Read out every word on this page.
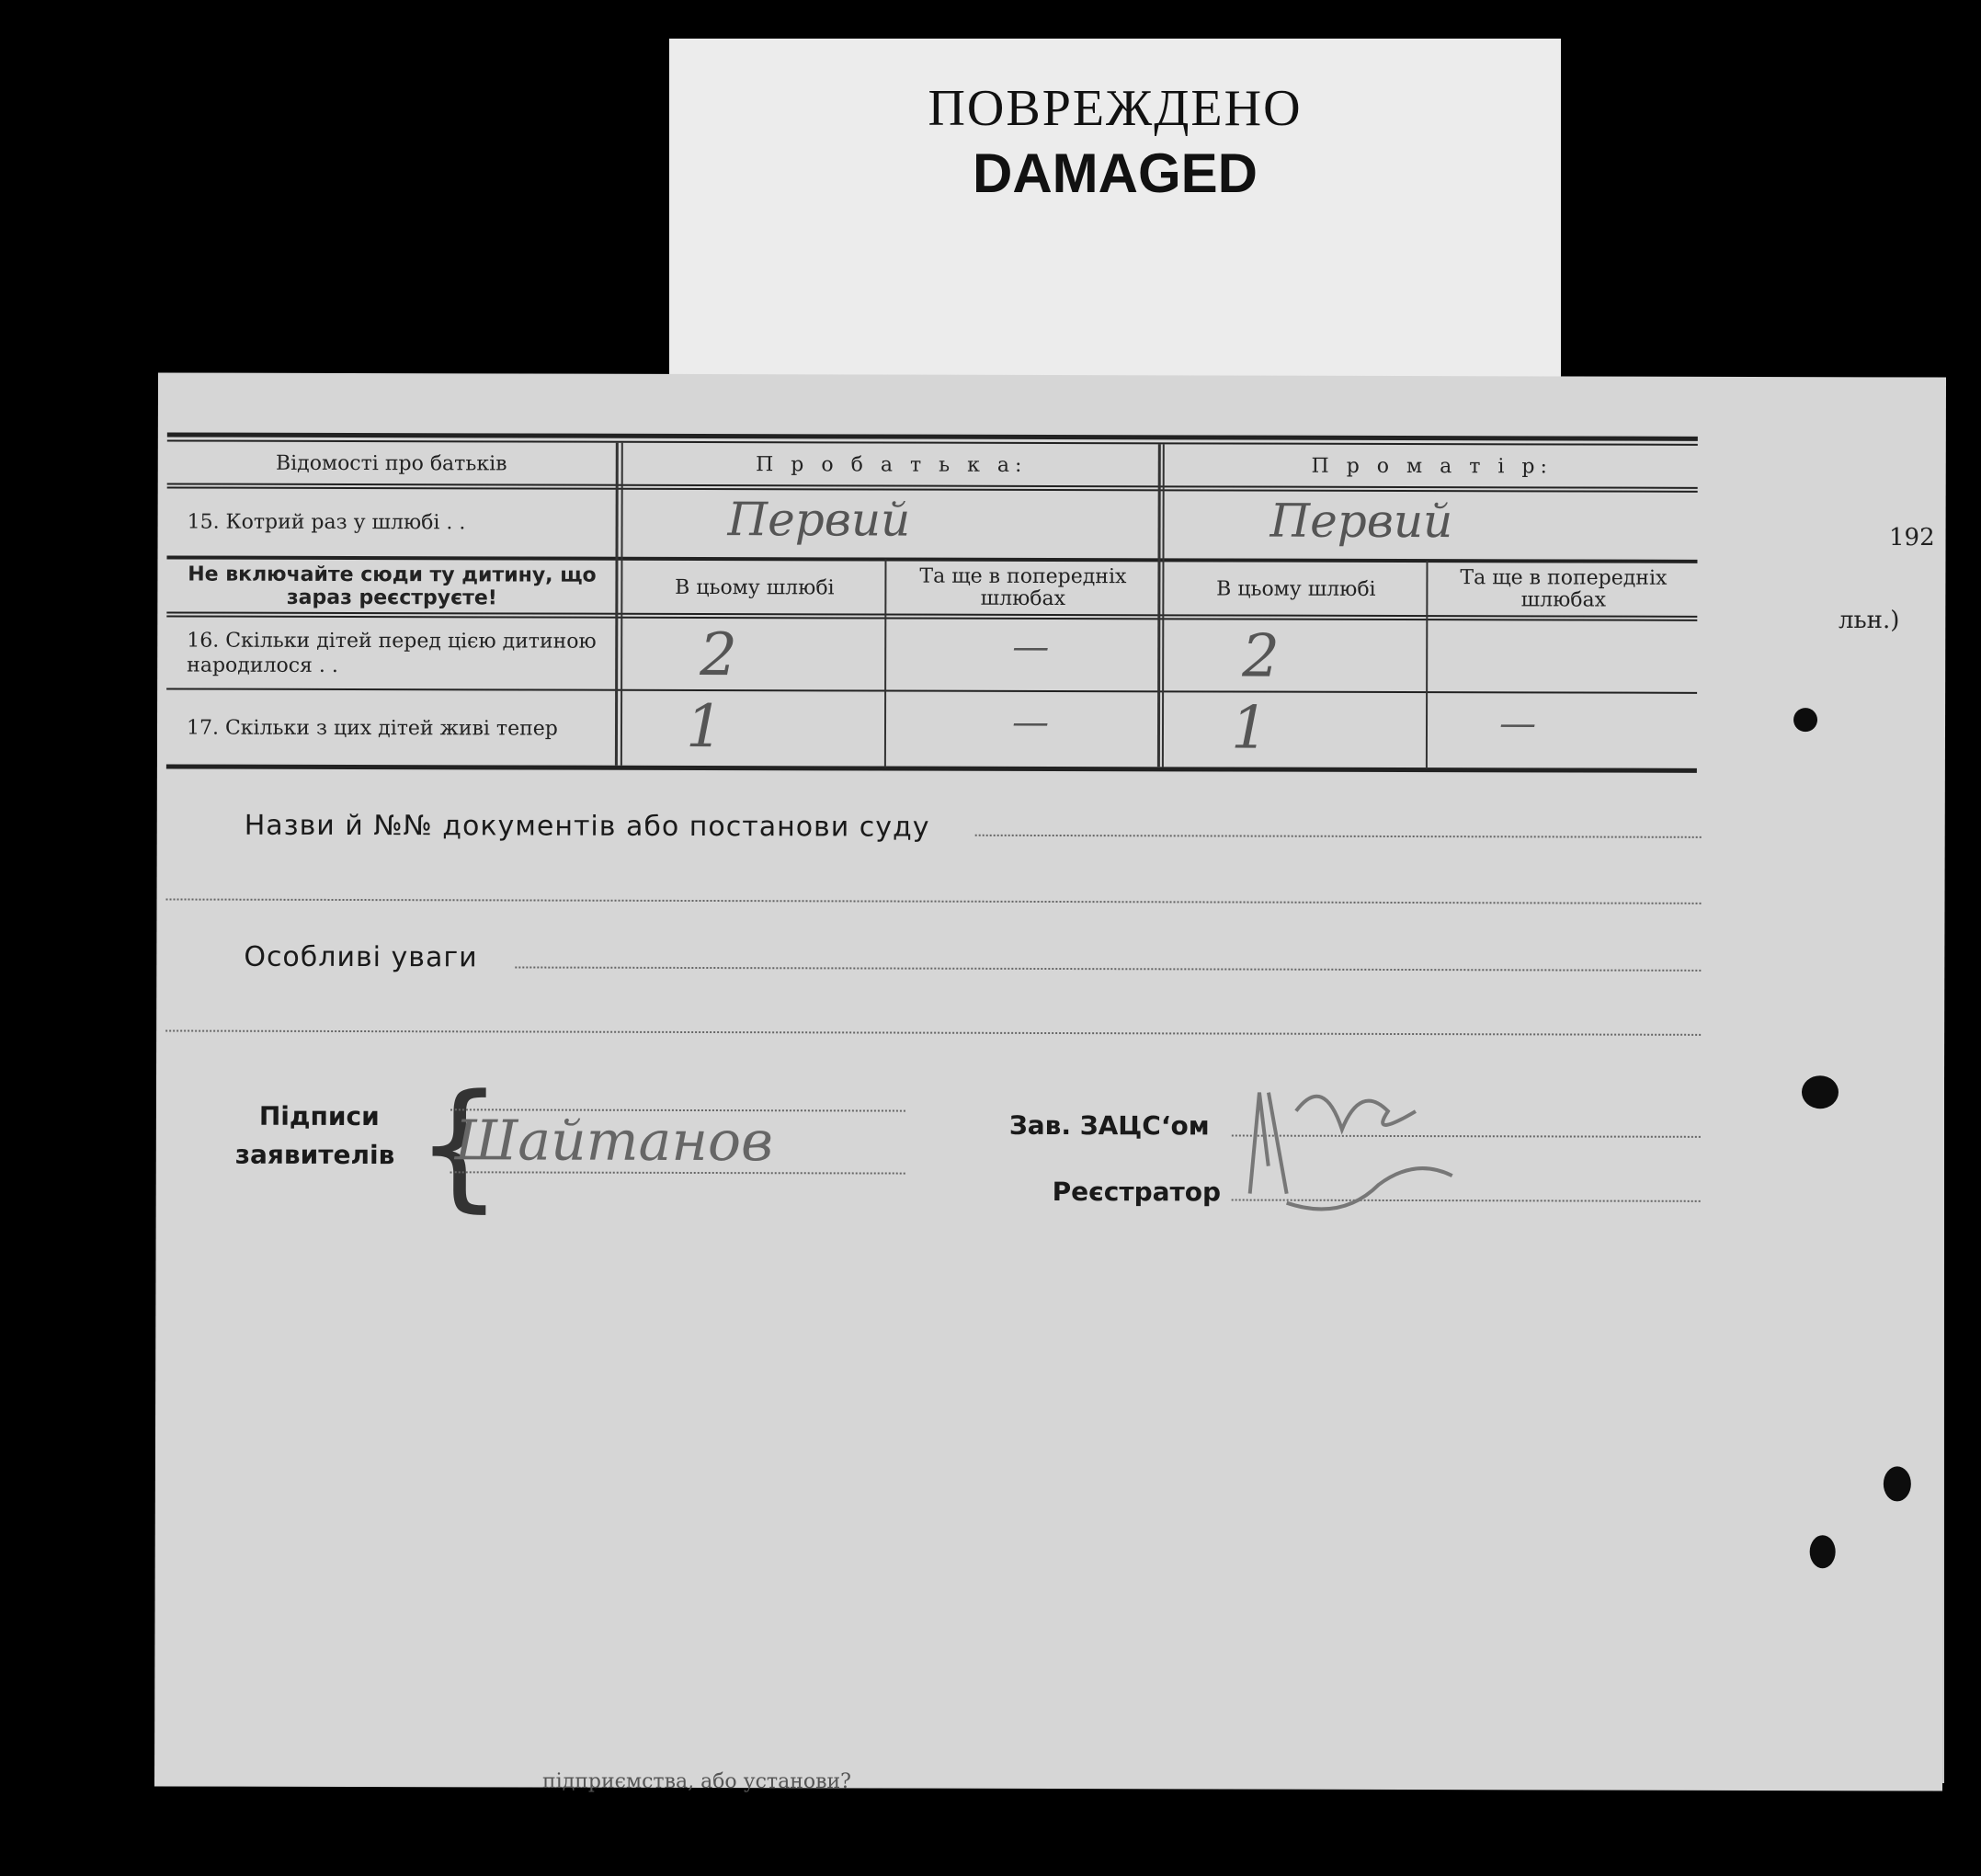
ПОВРЕЖДЕНО
DAMAGED
Відомості про батьків	П р о б а т ь к а:	П р о м а т і р:
15. Котрий раз у шлюбі . .	Первий	Первий
Не включайте сюди ту дитину, що зараз реєструєте!	В цьому шлюбі	Та ще в попередніх шлюбах	В цьому шлюбі	Та ще в попередніх шлюбах
16. Скільки дітей перед цією дитиною народилося . .	2	—	2
17. Скільки з цих дітей живі тепер	1	—	1	—
Назви й №№ документів або постанови суду
Особливі уваги
Підписи
заявителів {
Шайтанов	Зав. ЗАЦС‘ом
Реєстратор
192
льн.)
підприємства, або установи?
